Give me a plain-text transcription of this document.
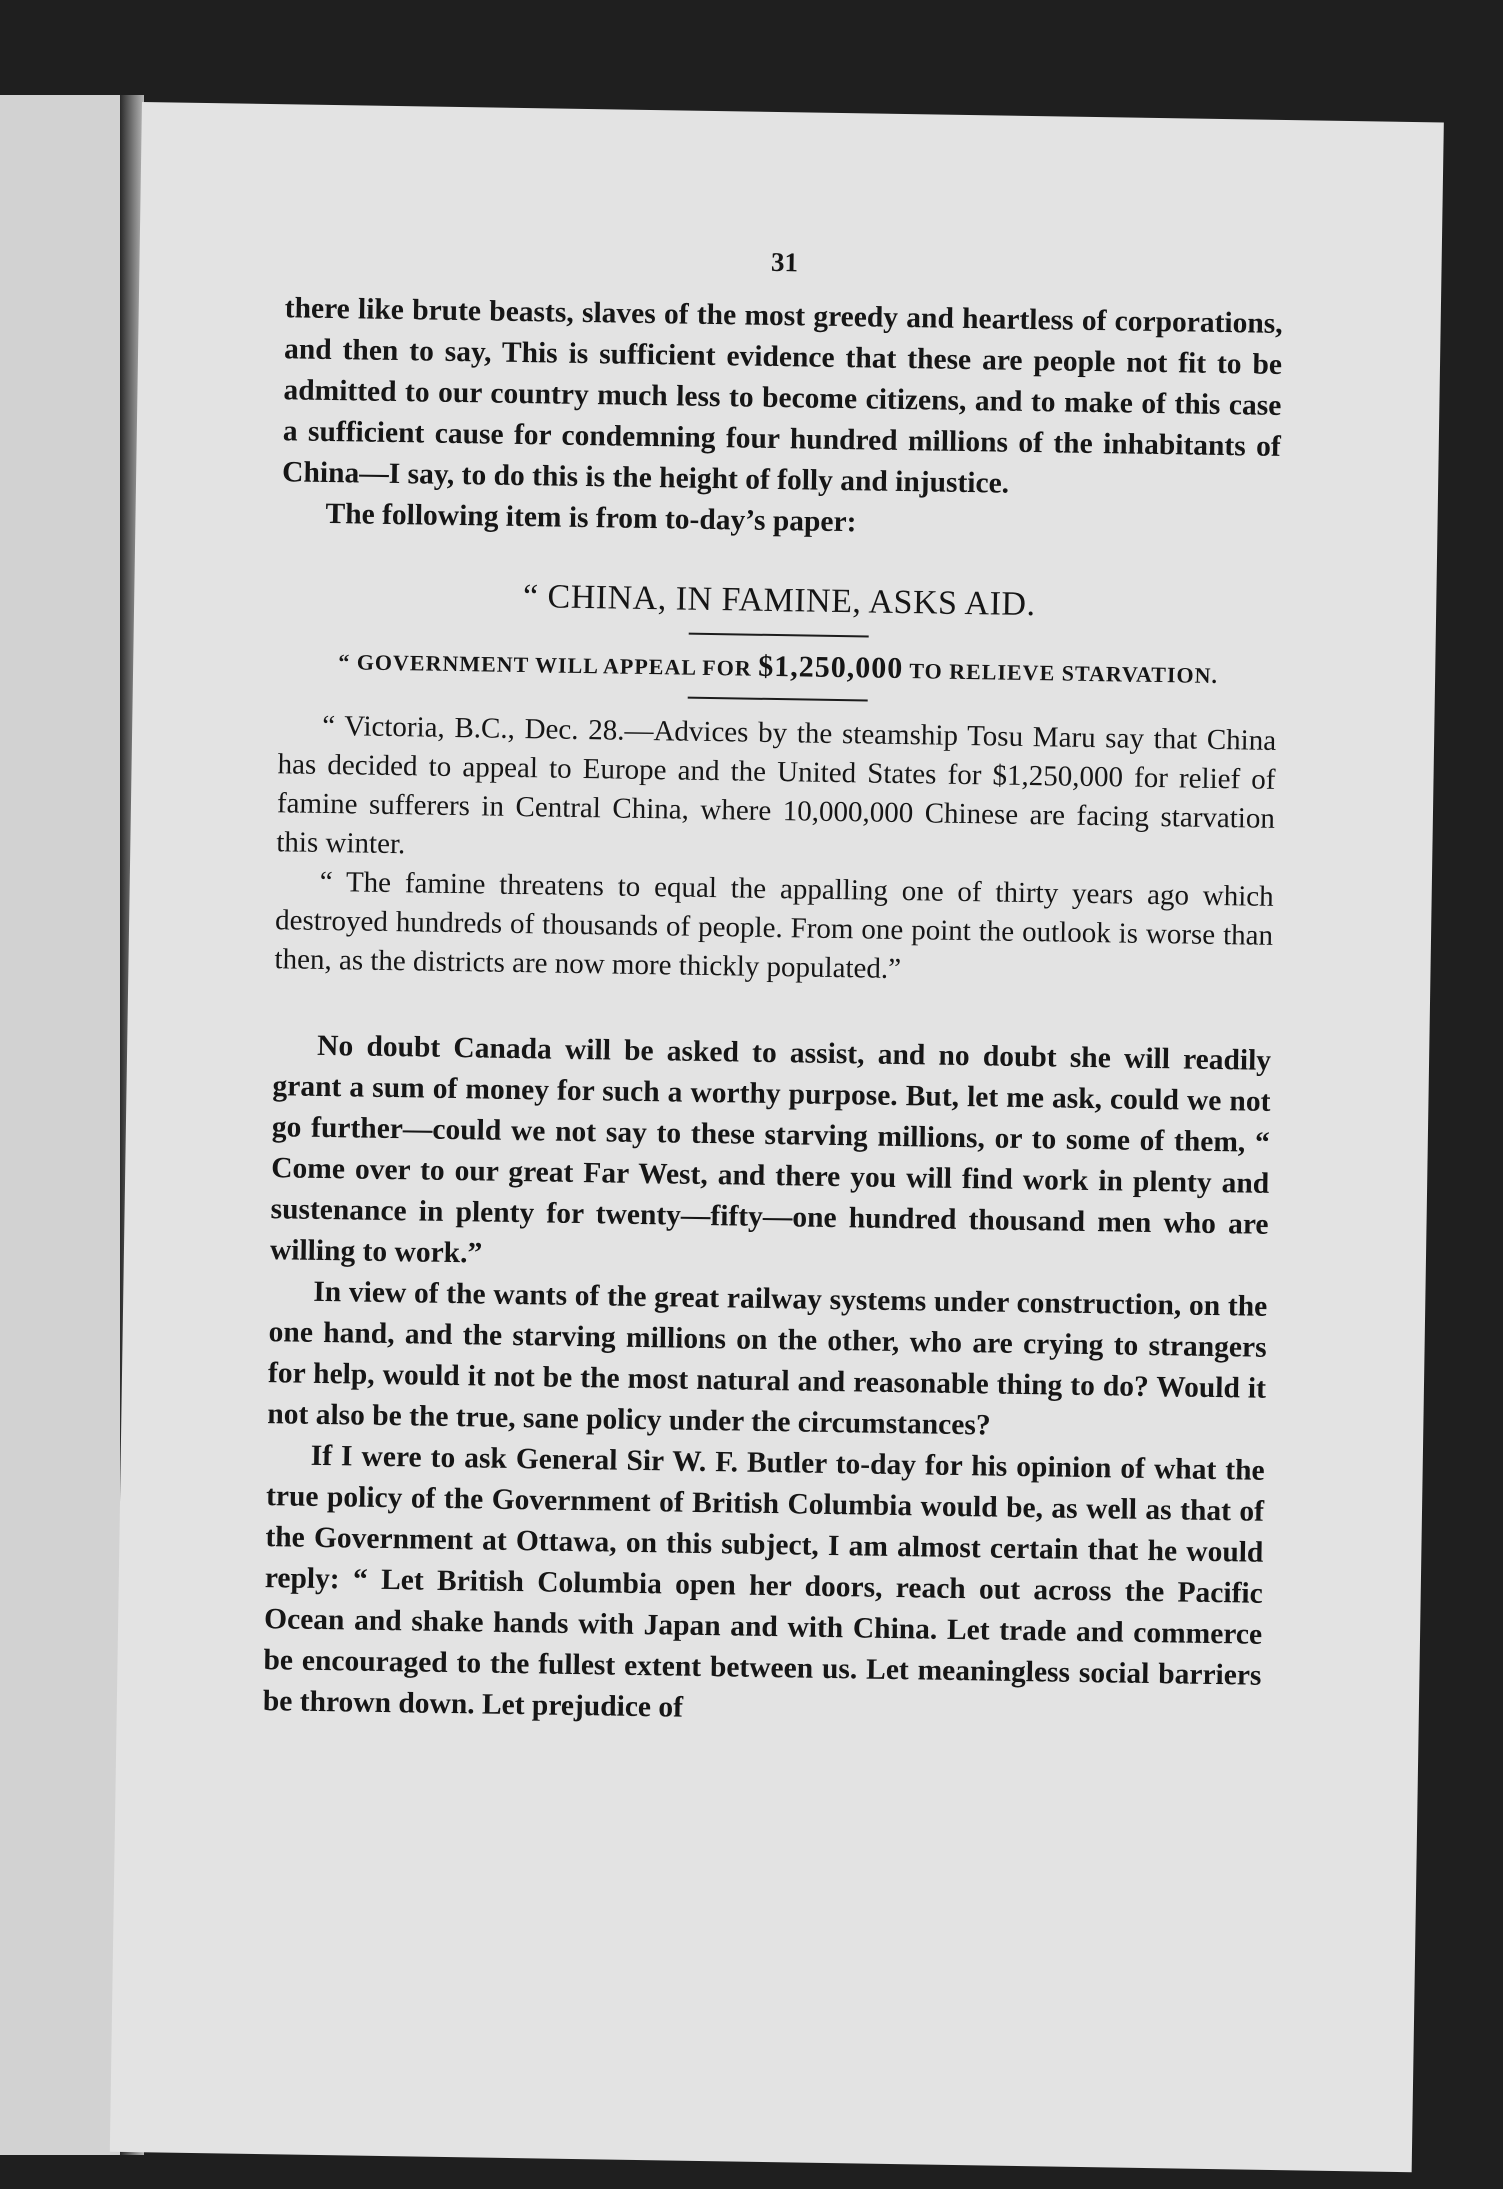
31

there like brute beasts, slaves of the most greedy and heartless of corporations, and then to say, This is sufficient evidence that these are people not fit to be admitted to our country much less to become citizens, and to make of this case a sufficient cause for condemning four hundred millions of the inhabitants of China—I say, to do this is the height of folly and injustice.

The following item is from to-day’s paper:

“ CHINA, IN FAMINE, ASKS AID.
“ GOVERNMENT WILL APPEAL FOR $1,250,000 TO RELIEVE STARVATION.

“ Victoria, B.C., Dec. 28.—Advices by the steamship Tosu Maru say that China has decided to appeal to Europe and the United States for $1,250,000 for relief of famine sufferers in Central China, where 10,000,000 Chinese are facing starvation this winter.

“ The famine threatens to equal the appalling one of thirty years ago which destroyed hundreds of thousands of people. From one point the outlook is worse than then, as the districts are now more thickly populated.”

No doubt Canada will be asked to assist, and no doubt she will readily grant a sum of money for such a worthy purpose. But, let me ask, could we not go further—could we not say to these starving millions, or to some of them, “ Come over to our great Far West, and there you will find work in plenty and sustenance in plenty for twenty—fifty—one hundred thousand men who are willing to work.”

In view of the wants of the great railway systems under construction, on the one hand, and the starving millions on the other, who are crying to strangers for help, would it not be the most natural and reasonable thing to do? Would it not also be the true, sane policy under the circumstances?

If I were to ask General Sir W. F. Butler to-day for his opinion of what the true policy of the Government of British Columbia would be, as well as that of the Government at Ottawa, on this subject, I am almost certain that he would reply: “ Let British Columbia open her doors, reach out across the Pacific Ocean and shake hands with Japan and with China. Let trade and commerce be encouraged to the fullest extent between us. Let meaningless social barriers be thrown down. Let prejudice of
